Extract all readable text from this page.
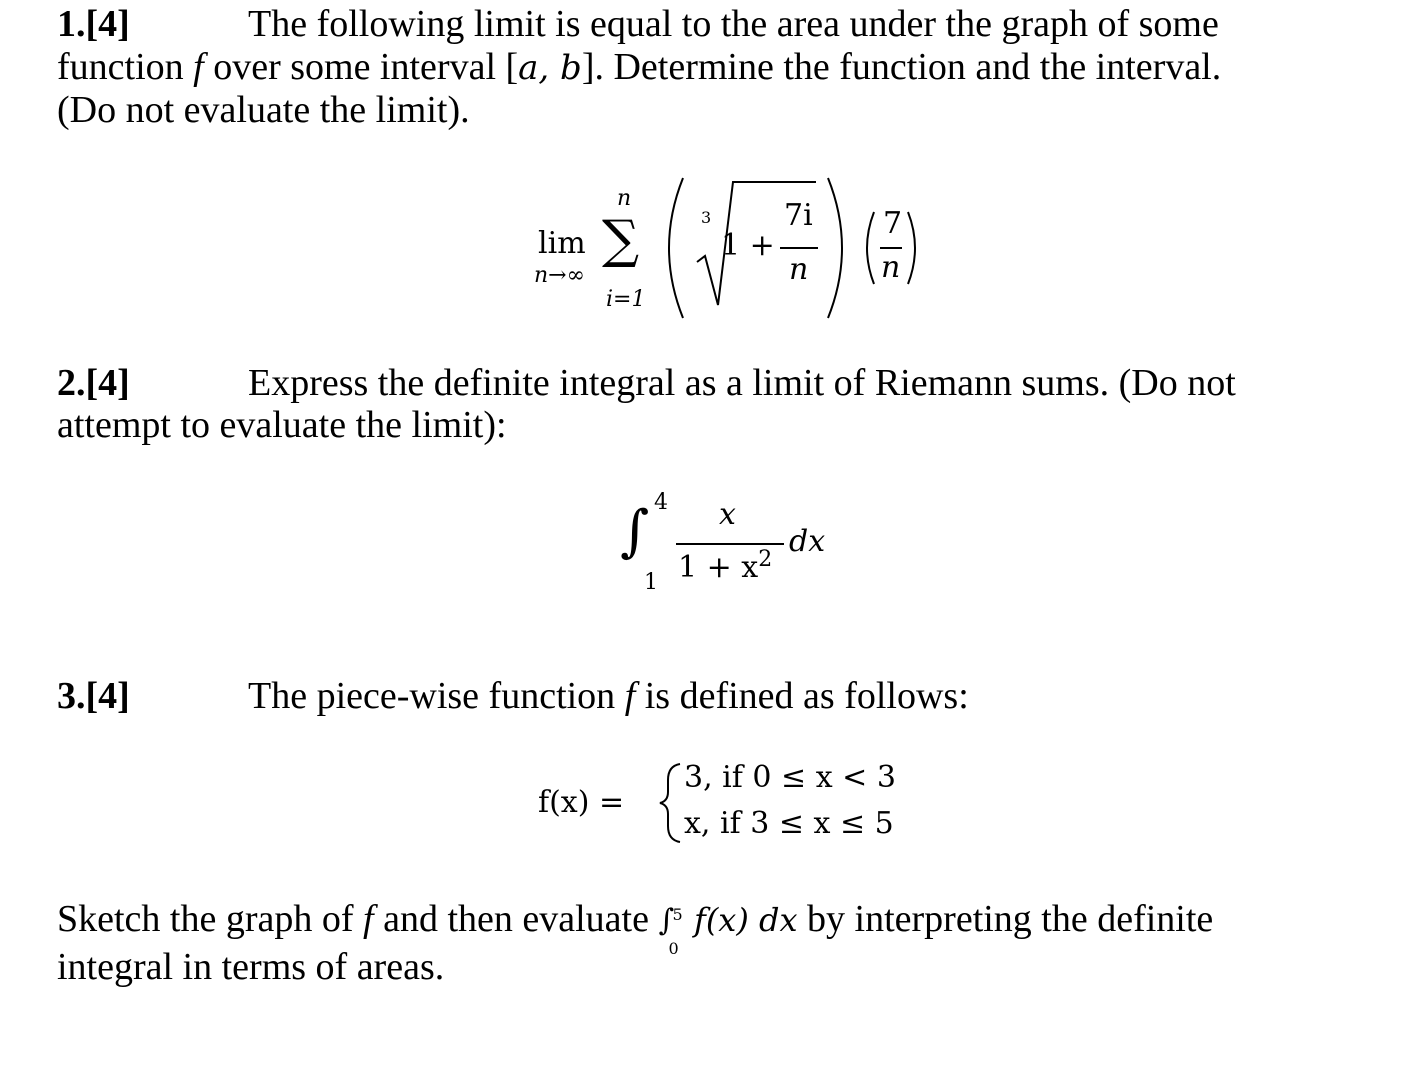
1.[4]	The following limit is equal to the area under the graph of some
function f over some interval [a, b]. Determine the function and the interval.
(Do not evaluate the limit).
lim
n→∞
n
∑
i=1
3
1 +
7i
n
7
n
2.[4]	Express the definite integral as a limit of Riemann sums. (Do not
attempt to evaluate the limit):
∫ 4
1
x
$1 + x^2$
dx
3.[4]	The piece-wise function f is defined as follows:
f(x) =
3, if 0 ≤ x < 3
x, if 3 ≤ x ≤ 5
Sketch the graph of f and then evaluate ∫
5
0
f(x) dx by interpreting the definite
integral in terms of areas.
